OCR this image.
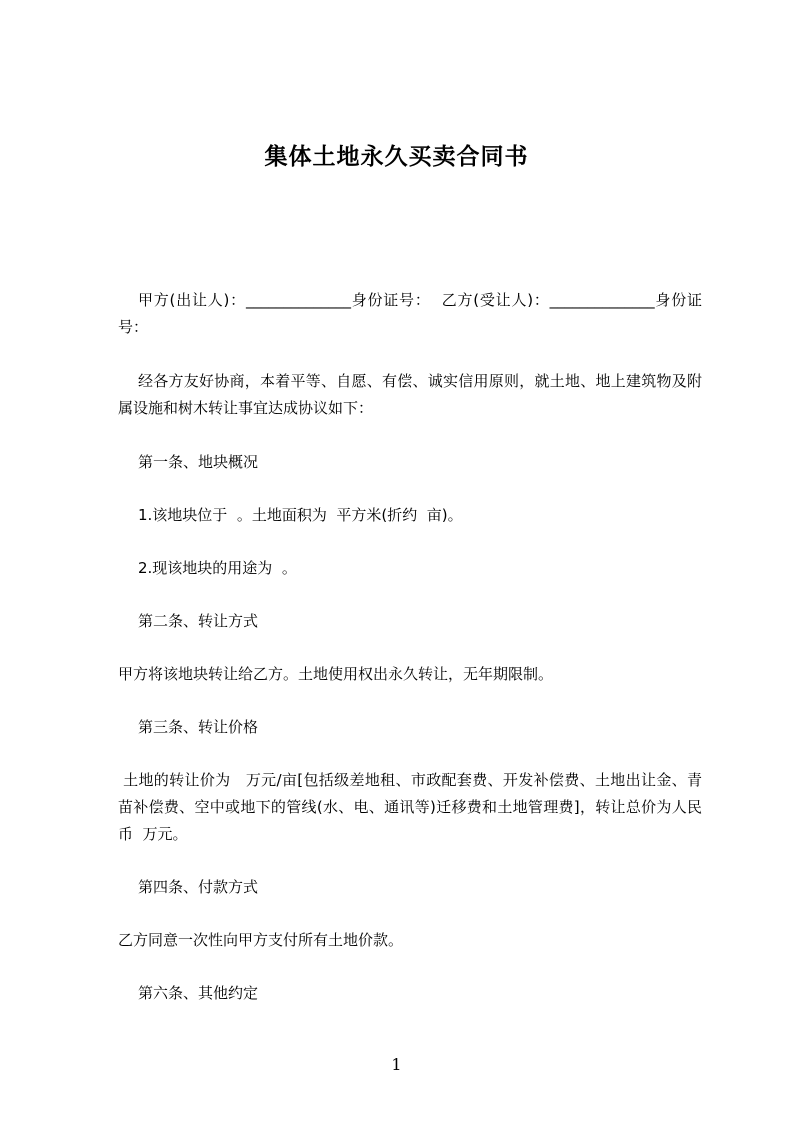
集体土地永久买卖合同书

甲方(出让人)：______________身份证号：  乙方(受让人)：______________身份证号：

经各方友好协商，本着平等、自愿、有偿、诚实信用原则，就土地、地上建筑物及附属设施和树木转让事宜达成协议如下：

第一条、地块概况

1.该地块位于  。土地面积为  平方米(折约  亩)。

2.现该地块的用途为  。

第二条、转让方式

甲方将该地块转让给乙方。土地使用权出永久转让，无年期限制。

第三条、转让价格

土地的转让价为   万元/亩[包括级差地租、市政配套费、开发补偿费、土地出让金、青苗补偿费、空中或地下的管线(水、电、通讯等)迁移费和土地管理费]，转让总价为人民币  万元。

第四条、付款方式

乙方同意一次性向甲方支付所有土地价款。

第六条、其他约定

1
